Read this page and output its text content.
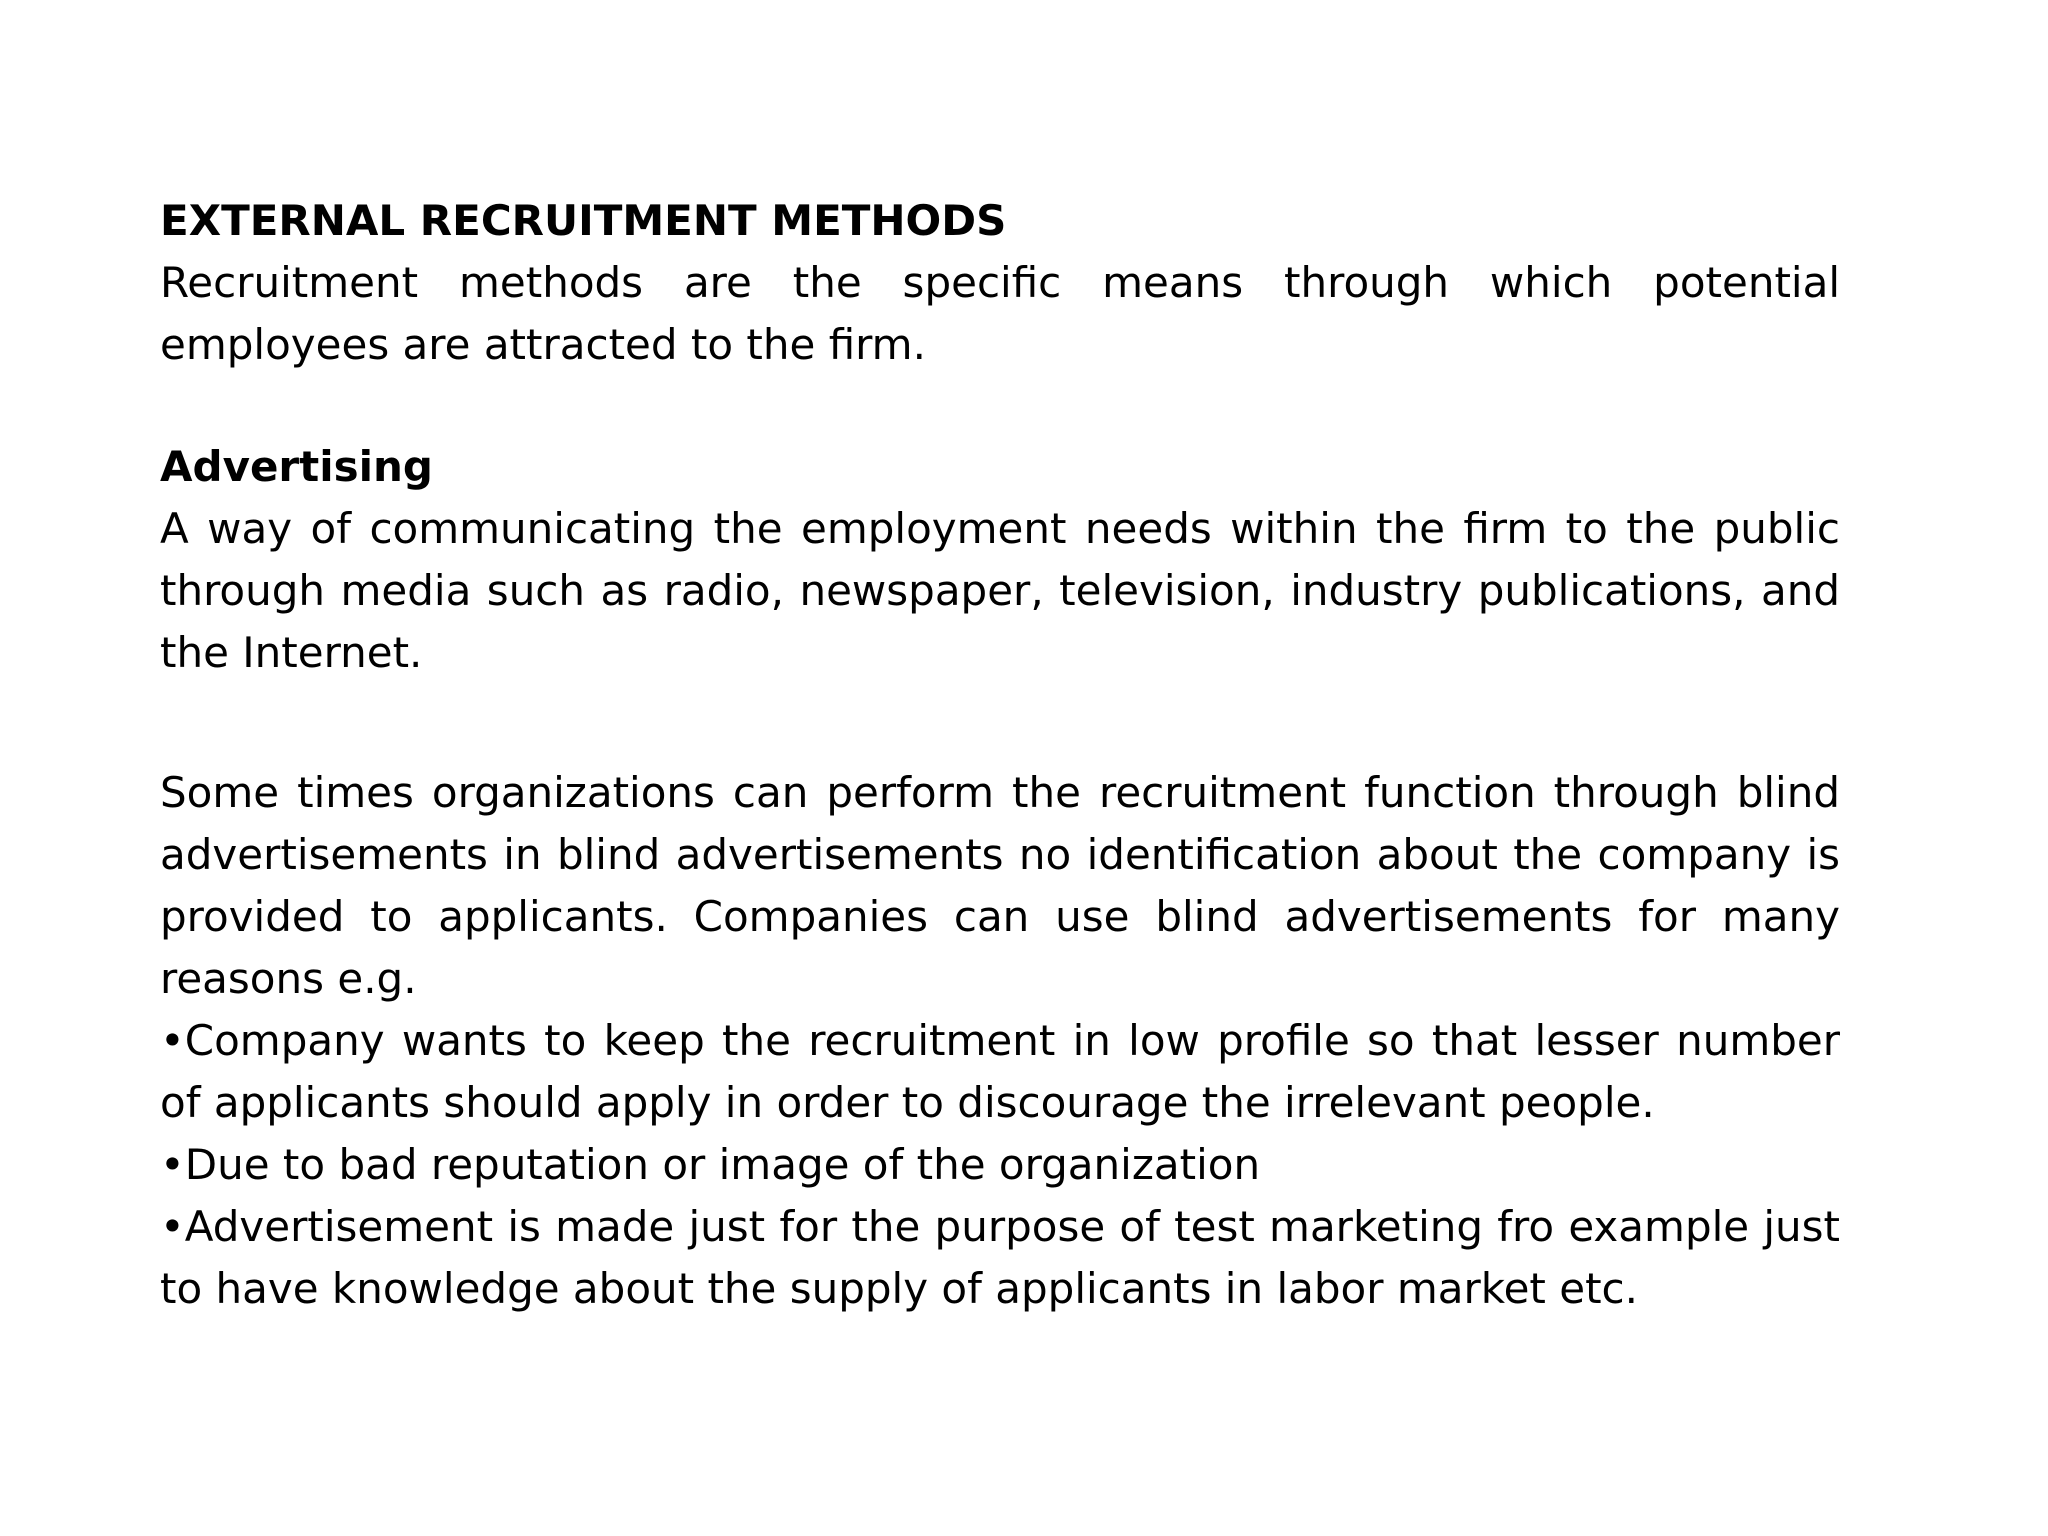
EXTERNAL RECRUITMENT METHODS

Recruitment methods are the specific means through which potential employees are attracted to the firm.

Advertising

A way of communicating the employment needs within the firm to the public through media such as radio, newspaper, television, industry publications, and the Internet.

Some times organizations can perform the recruitment function through blind advertisements in blind advertisements no identification about the company is provided to applicants. Companies can use blind advertisements for many reasons e.g.

•Company wants to keep the recruitment in low profile so that lesser number of applicants should apply in order to discourage the irrelevant people.

•Due to bad reputation or image of the organization

•Advertisement is made just for the purpose of test marketing fro example just to have knowledge about the supply of applicants in labor market etc.
